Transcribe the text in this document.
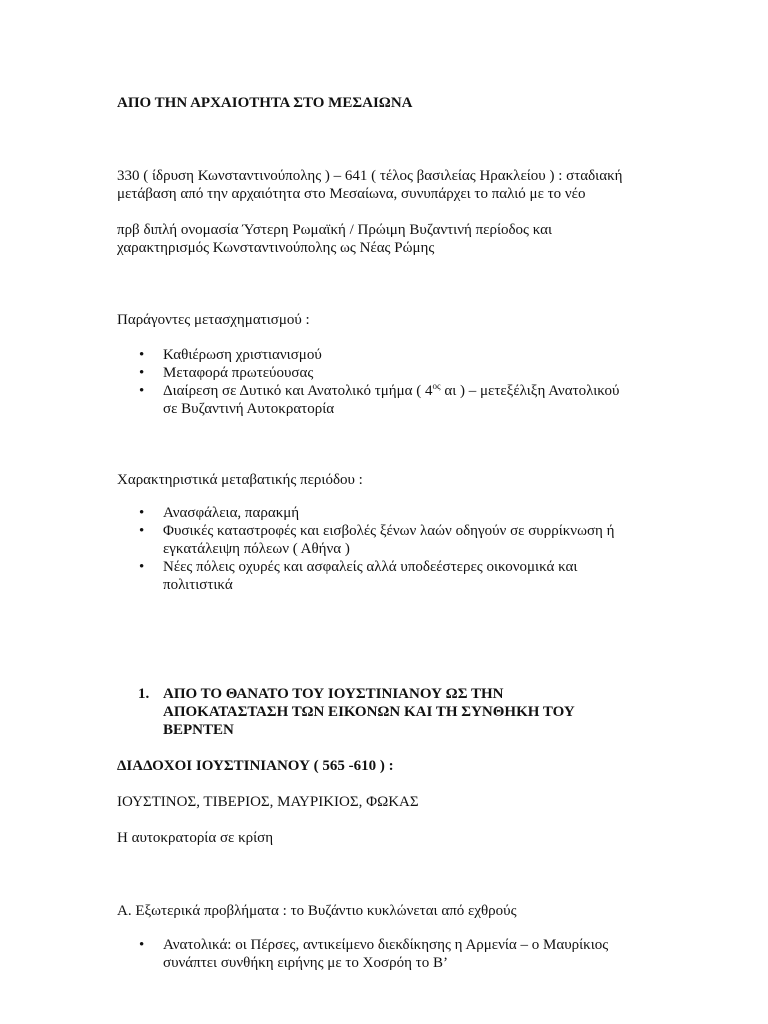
ΑΠΟ ΤΗΝ ΑΡΧΑΙΟΤΗΤΑ ΣΤΟ ΜΕΣΑΙΩΝΑ

330 ( ίδρυση Κωνσταντινούπολης ) – 641 ( τέλος βασιλείας Ηρακλείου ) : σταδιακή
μετάβαση από την αρχαιότητα στο Μεσαίωνα, συνυπάρχει το παλιό με το νέο

πρβ διπλή ονομασία Ύστερη Ρωμαϊκή / Πρώιμη Βυζαντινή περίοδος και
χαρακτηρισμός Κωνσταντινούπολης ως Νέας Ρώμης

Παράγοντες μετασχηματισμού :

• Καθιέρωση χριστιανισμού
• Μεταφορά πρωτεύουσας
• Διαίρεση σε Δυτικό και Ανατολικό τμήμα ( $4^{o\varsigma}$ αι ) – μετεξέλιξη Ανατολικού
σε Βυζαντινή Αυτοκρατορία

Χαρακτηριστικά μεταβατικής περιόδου :

• Ανασφάλεια, παρακμή
• Φυσικές καταστροφές και εισβολές ξένων λαών οδηγούν σε συρρίκνωση ή
εγκατάλειψη πόλεων ( Αθήνα )
• Νέες πόλεις οχυρές και ασφαλείς αλλά υποδεέστερες οικονομικά και
πολιτιστικά
1. ΑΠΟ ΤΟ ΘΑΝΑΤΟ ΤΟΥ ΙΟΥΣΤΙΝΙΑΝΟΥ ΩΣ ΤΗΝ
ΑΠΟΚΑΤΑΣΤΑΣΗ ΤΩΝ ΕΙΚΟΝΩΝ ΚΑΙ ΤΗ ΣΥΝΘΗΚΗ ΤΟΥ
ΒΕΡΝΤΕΝ

ΔΙΑΔΟΧΟΙ ΙΟΥΣΤΙΝΙΑΝΟΥ ( 565 -610 ) :

ΙΟΥΣΤΙΝΟΣ, ΤΙΒΕΡΙΟΣ, ΜΑΥΡΙΚΙΟΣ, ΦΩΚΑΣ

Η αυτοκρατορία σε κρίση

Α. Εξωτερικά προβλήματα : το Βυζάντιο κυκλώνεται από εχθρούς

• Ανατολικά: οι Πέρσες, αντικείμενο διεκδίκησης η Αρμενία – ο Μαυρίκιος
συνάπτει συνθήκη ειρήνης με το Χοσρόη το Β’
